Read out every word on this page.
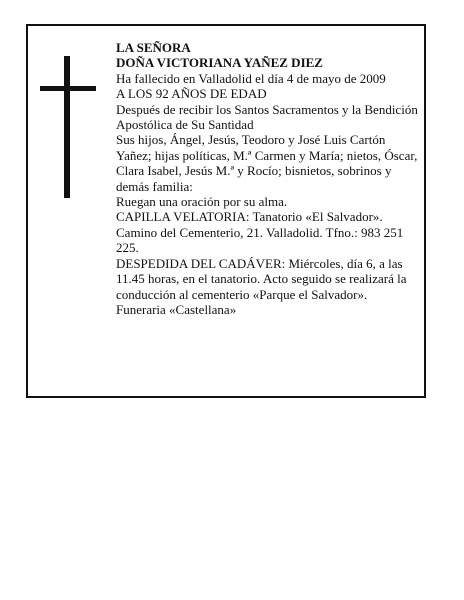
LA SEÑORA

DOÑA VICTORIANA YAÑEZ DIEZ

Ha fallecido en Valladolid el día 4 de mayo de 2009

A LOS 92 AÑOS DE EDAD

Después de recibir los Santos Sacramentos y la Bendición Apostólica de Su Santidad

Sus hijos, Ángel, Jesús, Teodoro y José Luis Cartón Yañez; hijas políticas, M.ª Carmen y María; nietos, Óscar, Clara Isabel, Jesús M.ª y Rocío; bisnietos, sobrinos y demás familia:

Ruegan una oración por su alma.

CAPILLA VELATORIA: Tanatorio «El Salvador». Camino del Cementerio, 21. Valladolid. Tfno.: 983 251 225.

DESPEDIDA DEL CADÁVER: Miércoles, día 6, a las 11.45 horas, en el tanatorio. Acto seguido se realizará la conducción al cementerio «Parque el Salvador».

Funeraria «Castellana»
